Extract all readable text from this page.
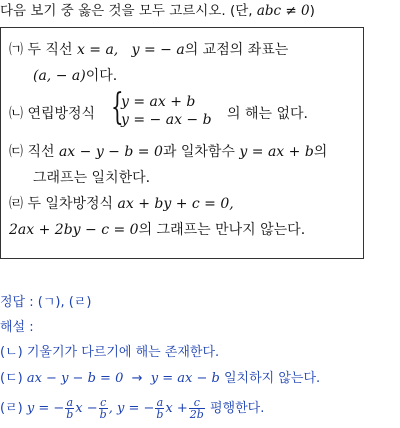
다음 보기 중 옳은 것을 모두 고르시오. (단, abc ≠ 0)
㈀ 두 직선 x = a, y = − a의 교점의 좌표는
(a, − a)이다.
㈁ 연립방정식 {
y = ax + b
y = − ax − b 의 해는 없다.
㈂ 직선 ax − y − b = 0과 일차함수 y = ax + b의
그래프는 일치한다.
㈃ 두 일차방정식 ax + by + c = 0,
2ax + 2by − c = 0의 그래프는 만나지 않는다.
정답 : (ㄱ), (ㄹ)
해설 :
(ㄴ) 기울기가 다르기에 해는 존재한다.
(ㄷ) ax − y − b = 0 → y = ax − b 일치하지 않는다.
(ㄹ) y = − $\frac{a}{b}$ $x - \frac{c}{b}$ , y = − $\frac{a}{b}$ $x + \frac{c}{2b}$ 평행한다.
